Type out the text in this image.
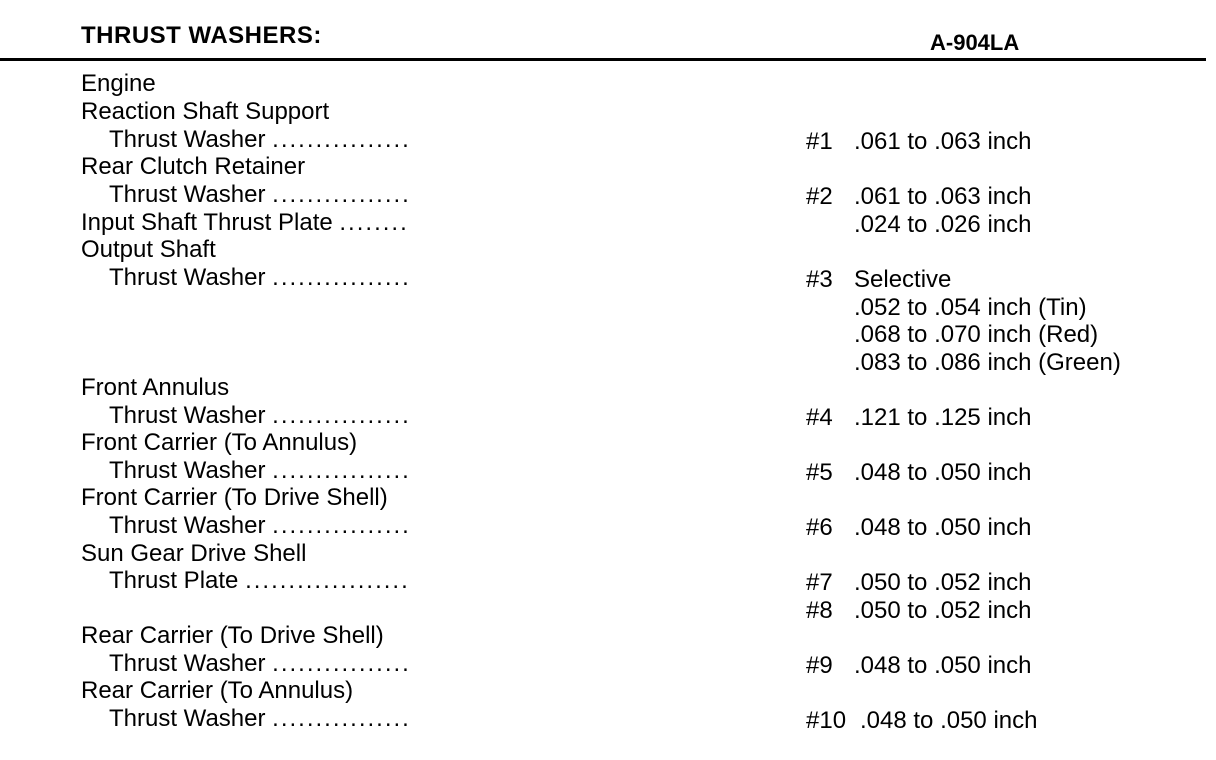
THRUST WASHERS:	A-904LA
Engine
Reaction Shaft Support
Thrust Washer ................
Rear Clutch Retainer
Thrust Washer ................
Input Shaft Thrust Plate ........
Output Shaft
Thrust Washer ................
Front Annulus
Thrust Washer ................
Front Carrier (To Annulus)
Thrust Washer ................
Front Carrier (To Drive Shell)
Thrust Washer ................
Sun Gear Drive Shell
Thrust Plate ...................
Rear Carrier (To Drive Shell)
Thrust Washer ................
Rear Carrier (To Annulus)
Thrust Washer ................
#1 .061 to .063 inch
#2 .061 to .063 inch
.024 to .026 inch
#3 Selective
.052 to .054 inch (Tin)
.068 to .070 inch (Red)
.083 to .086 inch (Green)
#4 .121 to .125 inch
#5 .048 to .050 inch
#6 .048 to .050 inch
#7 .050 to .052 inch
#8 .050 to .052 inch
#9 .048 to .050 inch
#10 .048 to .050 inch
